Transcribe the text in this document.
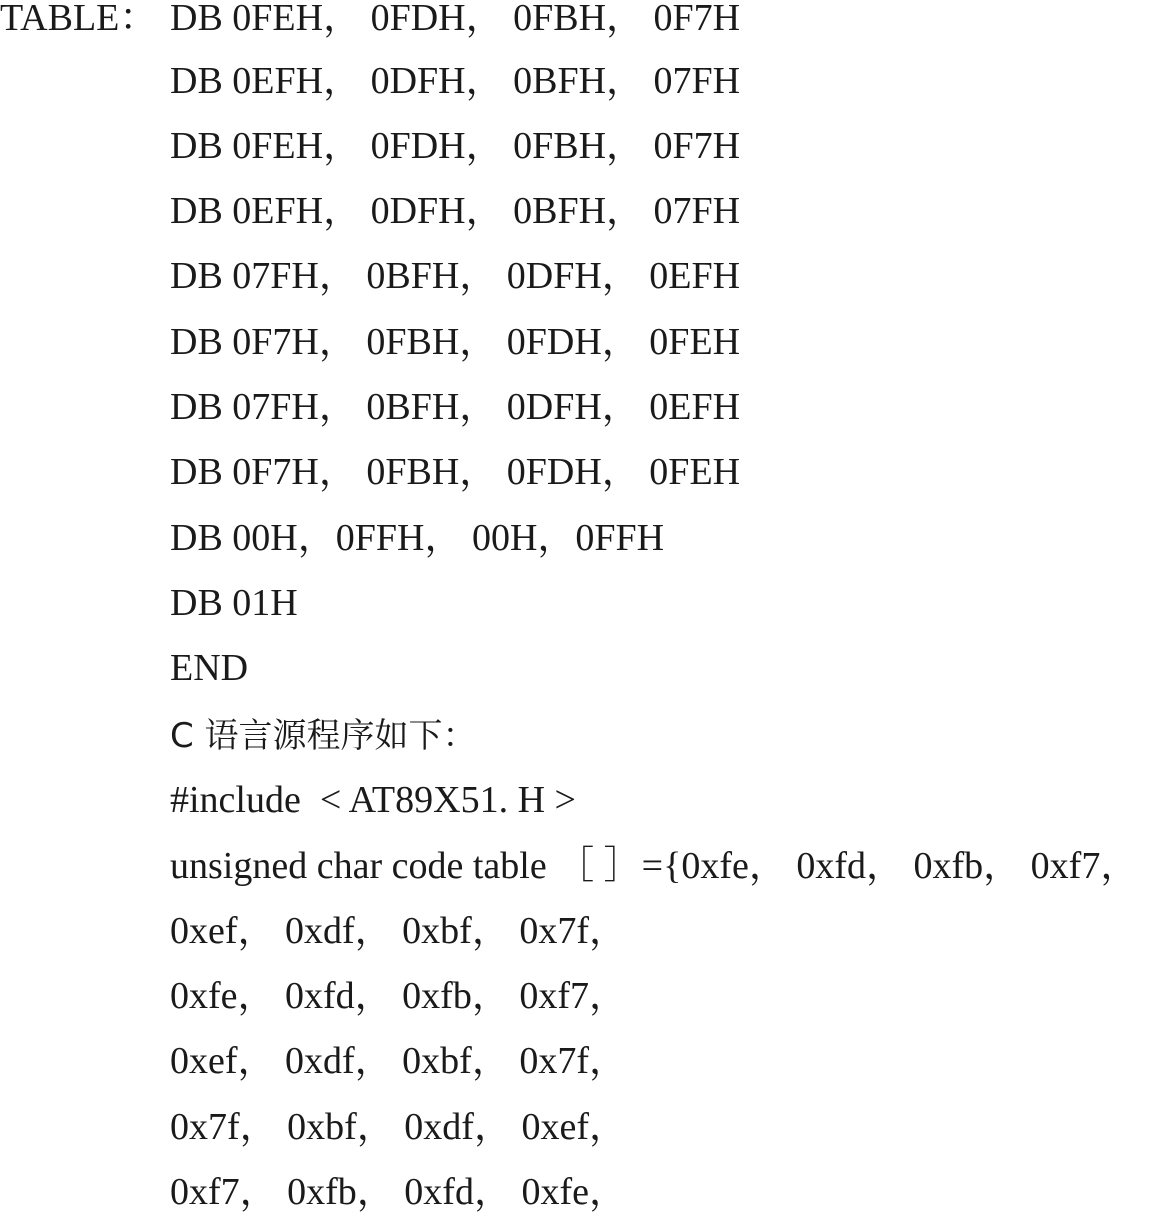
TABLE： DB 0FEH， 0FDH， 0FBH， 0F7H
DB 0EFH， 0DFH， 0BFH， 07FH
DB 0FEH， 0FDH， 0FBH， 0F7H
DB 0EFH， 0DFH， 0BFH， 07FH
DB 07FH， 0BFH， 0DFH， 0EFH
DB 0F7H， 0FBH， 0FDH， 0FEH
DB 07FH， 0BFH， 0DFH， 0EFH
DB 0F7H， 0FBH， 0FDH， 0FEH
DB 00H，0FFH， 00H，0FFH
DB 01H
END
C 语言源程序如下：
#include  < AT89X51. H >
unsigned char code table ［ ］={0xfe， 0xfd， 0xfb， 0xf7，
0xef， 0xdf， 0xbf， 0x7f，
0xfe， 0xfd， 0xfb， 0xf7，
0xef， 0xdf， 0xbf， 0x7f，
0x7f， 0xbf， 0xdf， 0xef，
0xf7， 0xfb， 0xfd， 0xfe，
